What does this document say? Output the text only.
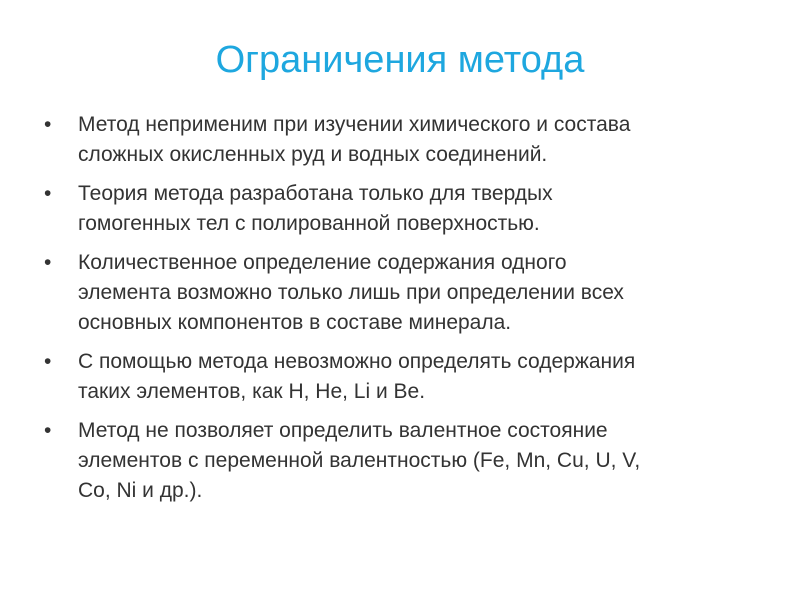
Ограничения метода
•	Метод неприменим при изучении химического и состава
сложных окисленных руд и водных соединений.
•	Теория метода разработана только для твердых
гомогенных тел с полированной поверхностью.
•	Количественное определение содержания одного
элемента возможно только лишь при определении всех
основных компонентов в составе минерала.
•	С помощью метода невозможно определять содержания
таких элементов, как H, He, Li и Be.
•	Метод не позволяет определить валентное состояние
элементов с переменной валентностью (Fe, Mn, Cu, U, V,
Co, Ni и др.).
